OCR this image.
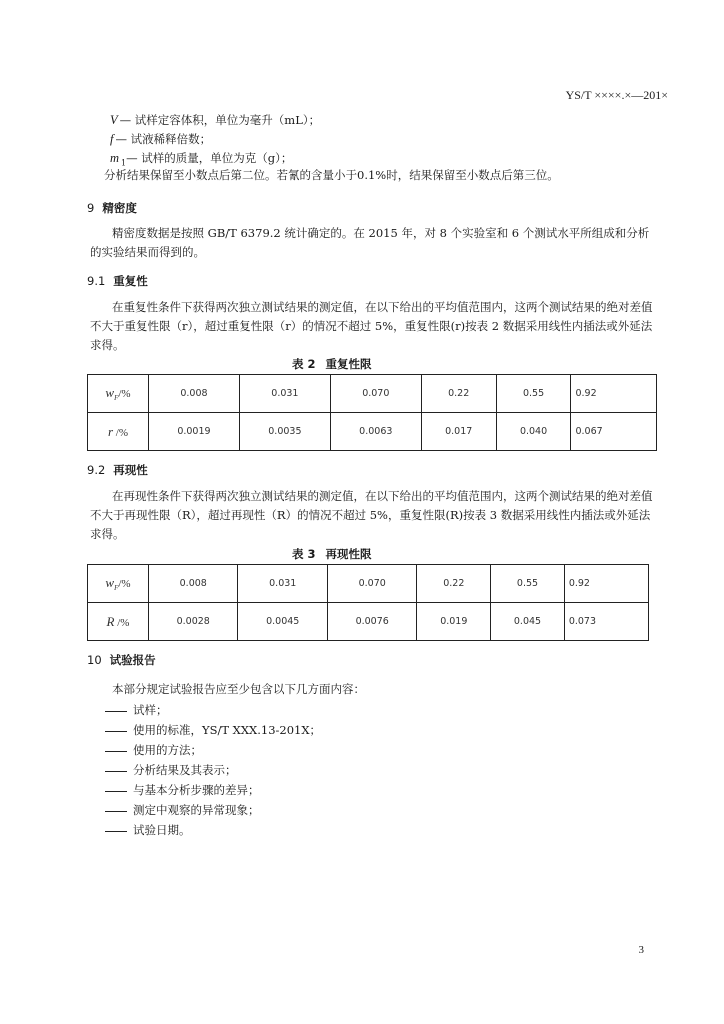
YS/T ××××.×—201×
V — 试样定容体积，单位为毫升（mL）；
f — 试液稀释倍数；
m $_1$— 试样的质量，单位为克（g）；
分析结果保留至小数点后第二位。若氰的含量小于0.1%时，结果保留至小数点后第三位。
9 精密度
精密度数据是按照 GB/T 6379.2 统计确定的。在 2015 年，对 8 个实验室和 6 个测试水平所组成和分析的实验结果而得到的。
9.1 重复性
在重复性条件下获得两次独立测试结果的测定值，在以下给出的平均值范围内，这两个测试结果的绝对差值不大于重复性限（r），超过重复性限（r）的情况不超过 5%，重复性限(r)按表 2 数据采用线性内插法或外延法求得。
表 2 重复性限
$w_F/\%$	0.008	0.031	0.070	0.22	0.55	0.92
r /%	0.0019	0.0035	0.0063	0.017	0.040	0.067
9.2 再现性
在再现性条件下获得两次独立测试结果的测定值，在以下给出的平均值范围内，这两个测试结果的绝对差值不大于再现性限（R），超过再现性（R）的情况不超过 5%，重复性限(R)按表 3 数据采用线性内插法或外延法求得。
表 3 再现性限
$w_F/\%$	0.008	0.031	0.070	0.22	0.55	0.92
R /%	0.0028	0.0045	0.0076	0.019	0.045	0.073
10 试验报告
本部分规定试验报告应至少包含以下几方面内容：
试样；
使用的标准，YS/T XXX.13-201X；
使用的方法；
分析结果及其表示；
与基本分析步骤的差异；
测定中观察的异常现象；
试验日期。
3
